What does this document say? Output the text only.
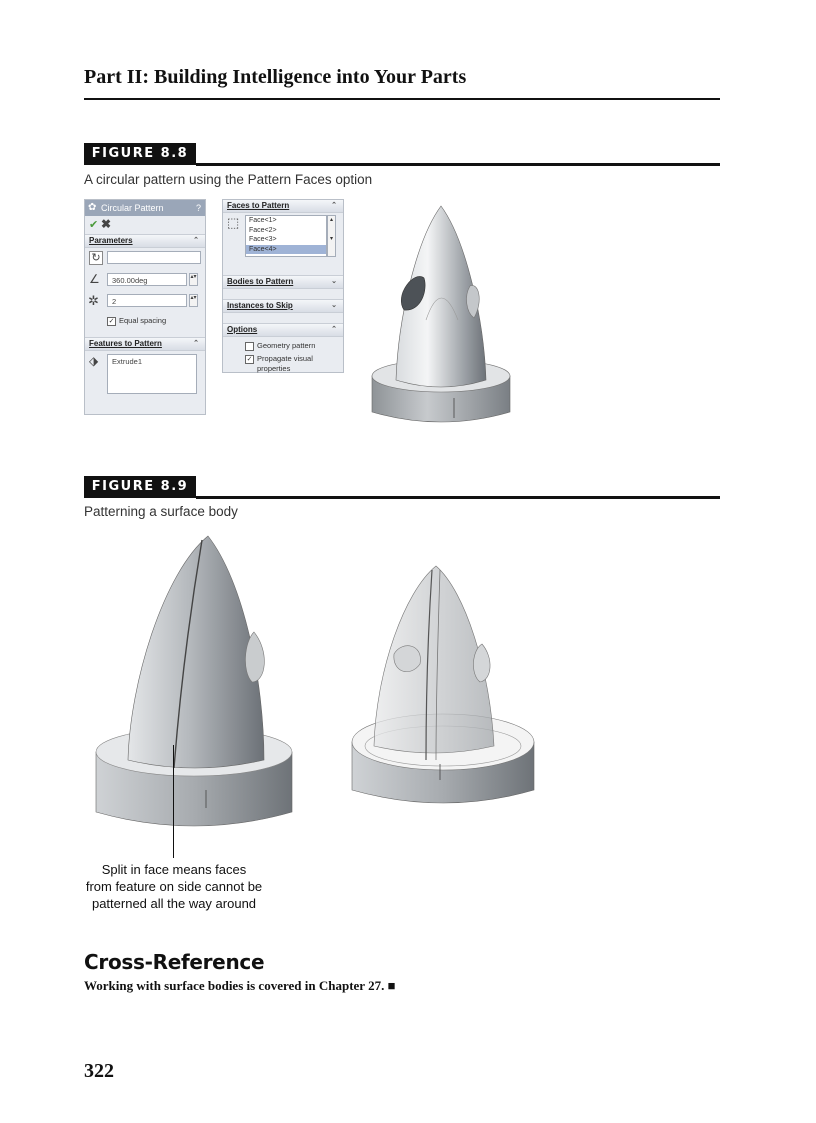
Part II: Building Intelligence into Your Parts
FIGURE 8.8
A circular pattern using the Pattern Faces option
✿ Circular Pattern	?
✔ ✖
Parameters	⌃
↻
∠	360.00deg	▴▾
✲	2	▴▾
✓ Equal spacing
Features to Pattern	⌃
⬗	Extrude1
Faces to Pattern	⌃
⬚ Face<1>
Face<2>
Face<3>
Face<4>
▴

▾
Bodies to Pattern	⌄
Instances to Skip	⌄
Options	⌃
Geometry pattern
✓ Propagate visual
properties
FIGURE 8.9
Patterning a surface body
Split in face means faces
from feature on side cannot be
patterned all the way around
Cross-Reference
Working with surface bodies is covered in Chapter 27. ■
322
